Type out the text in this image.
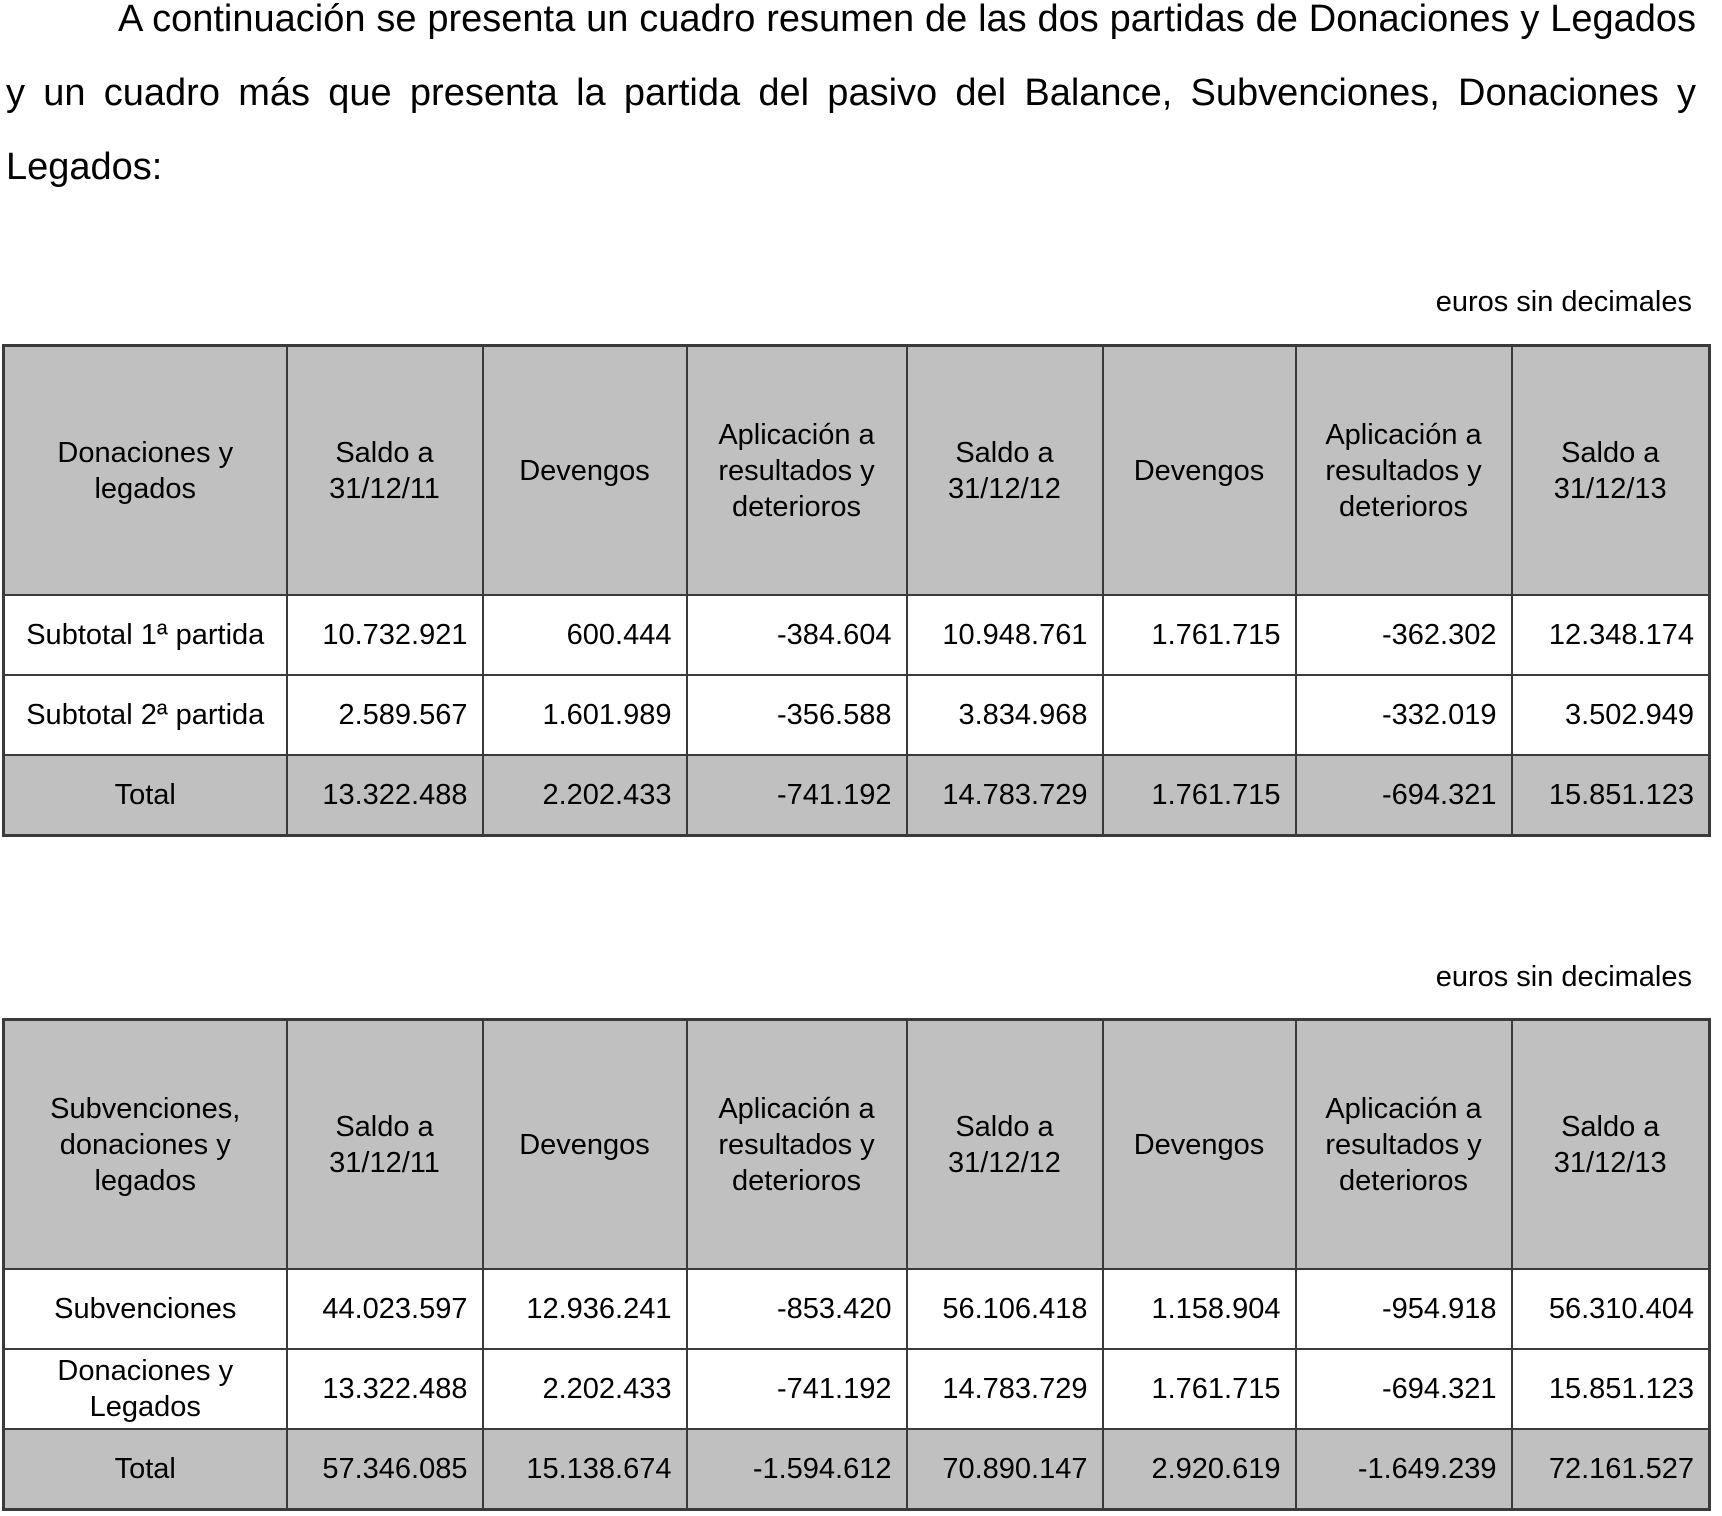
A continuación se presenta un cuadro resumen de las dos partidas de Donaciones y Legados y un cuadro más que presenta la partida del pasivo del Balance, Subvenciones, Donaciones y Legados:

euros sin decimales

Donaciones y legados	Saldo a 31/12/11	Devengos	Aplicación a resultados y deterioros	Saldo a 31/12/12	Devengos	Aplicación a resultados y deterioros	Saldo a 31/12/13
Subtotal 1ª partida	10.732.921	600.444	-384.604	10.948.761	1.761.715	-362.302	12.348.174
Subtotal 2ª partida	2.589.567	1.601.989	-356.588	3.834.968		-332.019	3.502.949
Total	13.322.488	2.202.433	-741.192	14.783.729	1.761.715	-694.321	15.851.123

euros sin decimales

Subvenciones, donaciones y legados	Saldo a 31/12/11	Devengos	Aplicación a resultados y deterioros	Saldo a 31/12/12	Devengos	Aplicación a resultados y deterioros	Saldo a 31/12/13
Subvenciones	44.023.597	12.936.241	-853.420	56.106.418	1.158.904	-954.918	56.310.404
Donaciones y Legados	13.322.488	2.202.433	-741.192	14.783.729	1.761.715	-694.321	15.851.123
Total	57.346.085	15.138.674	-1.594.612	70.890.147	2.920.619	-1.649.239	72.161.527
